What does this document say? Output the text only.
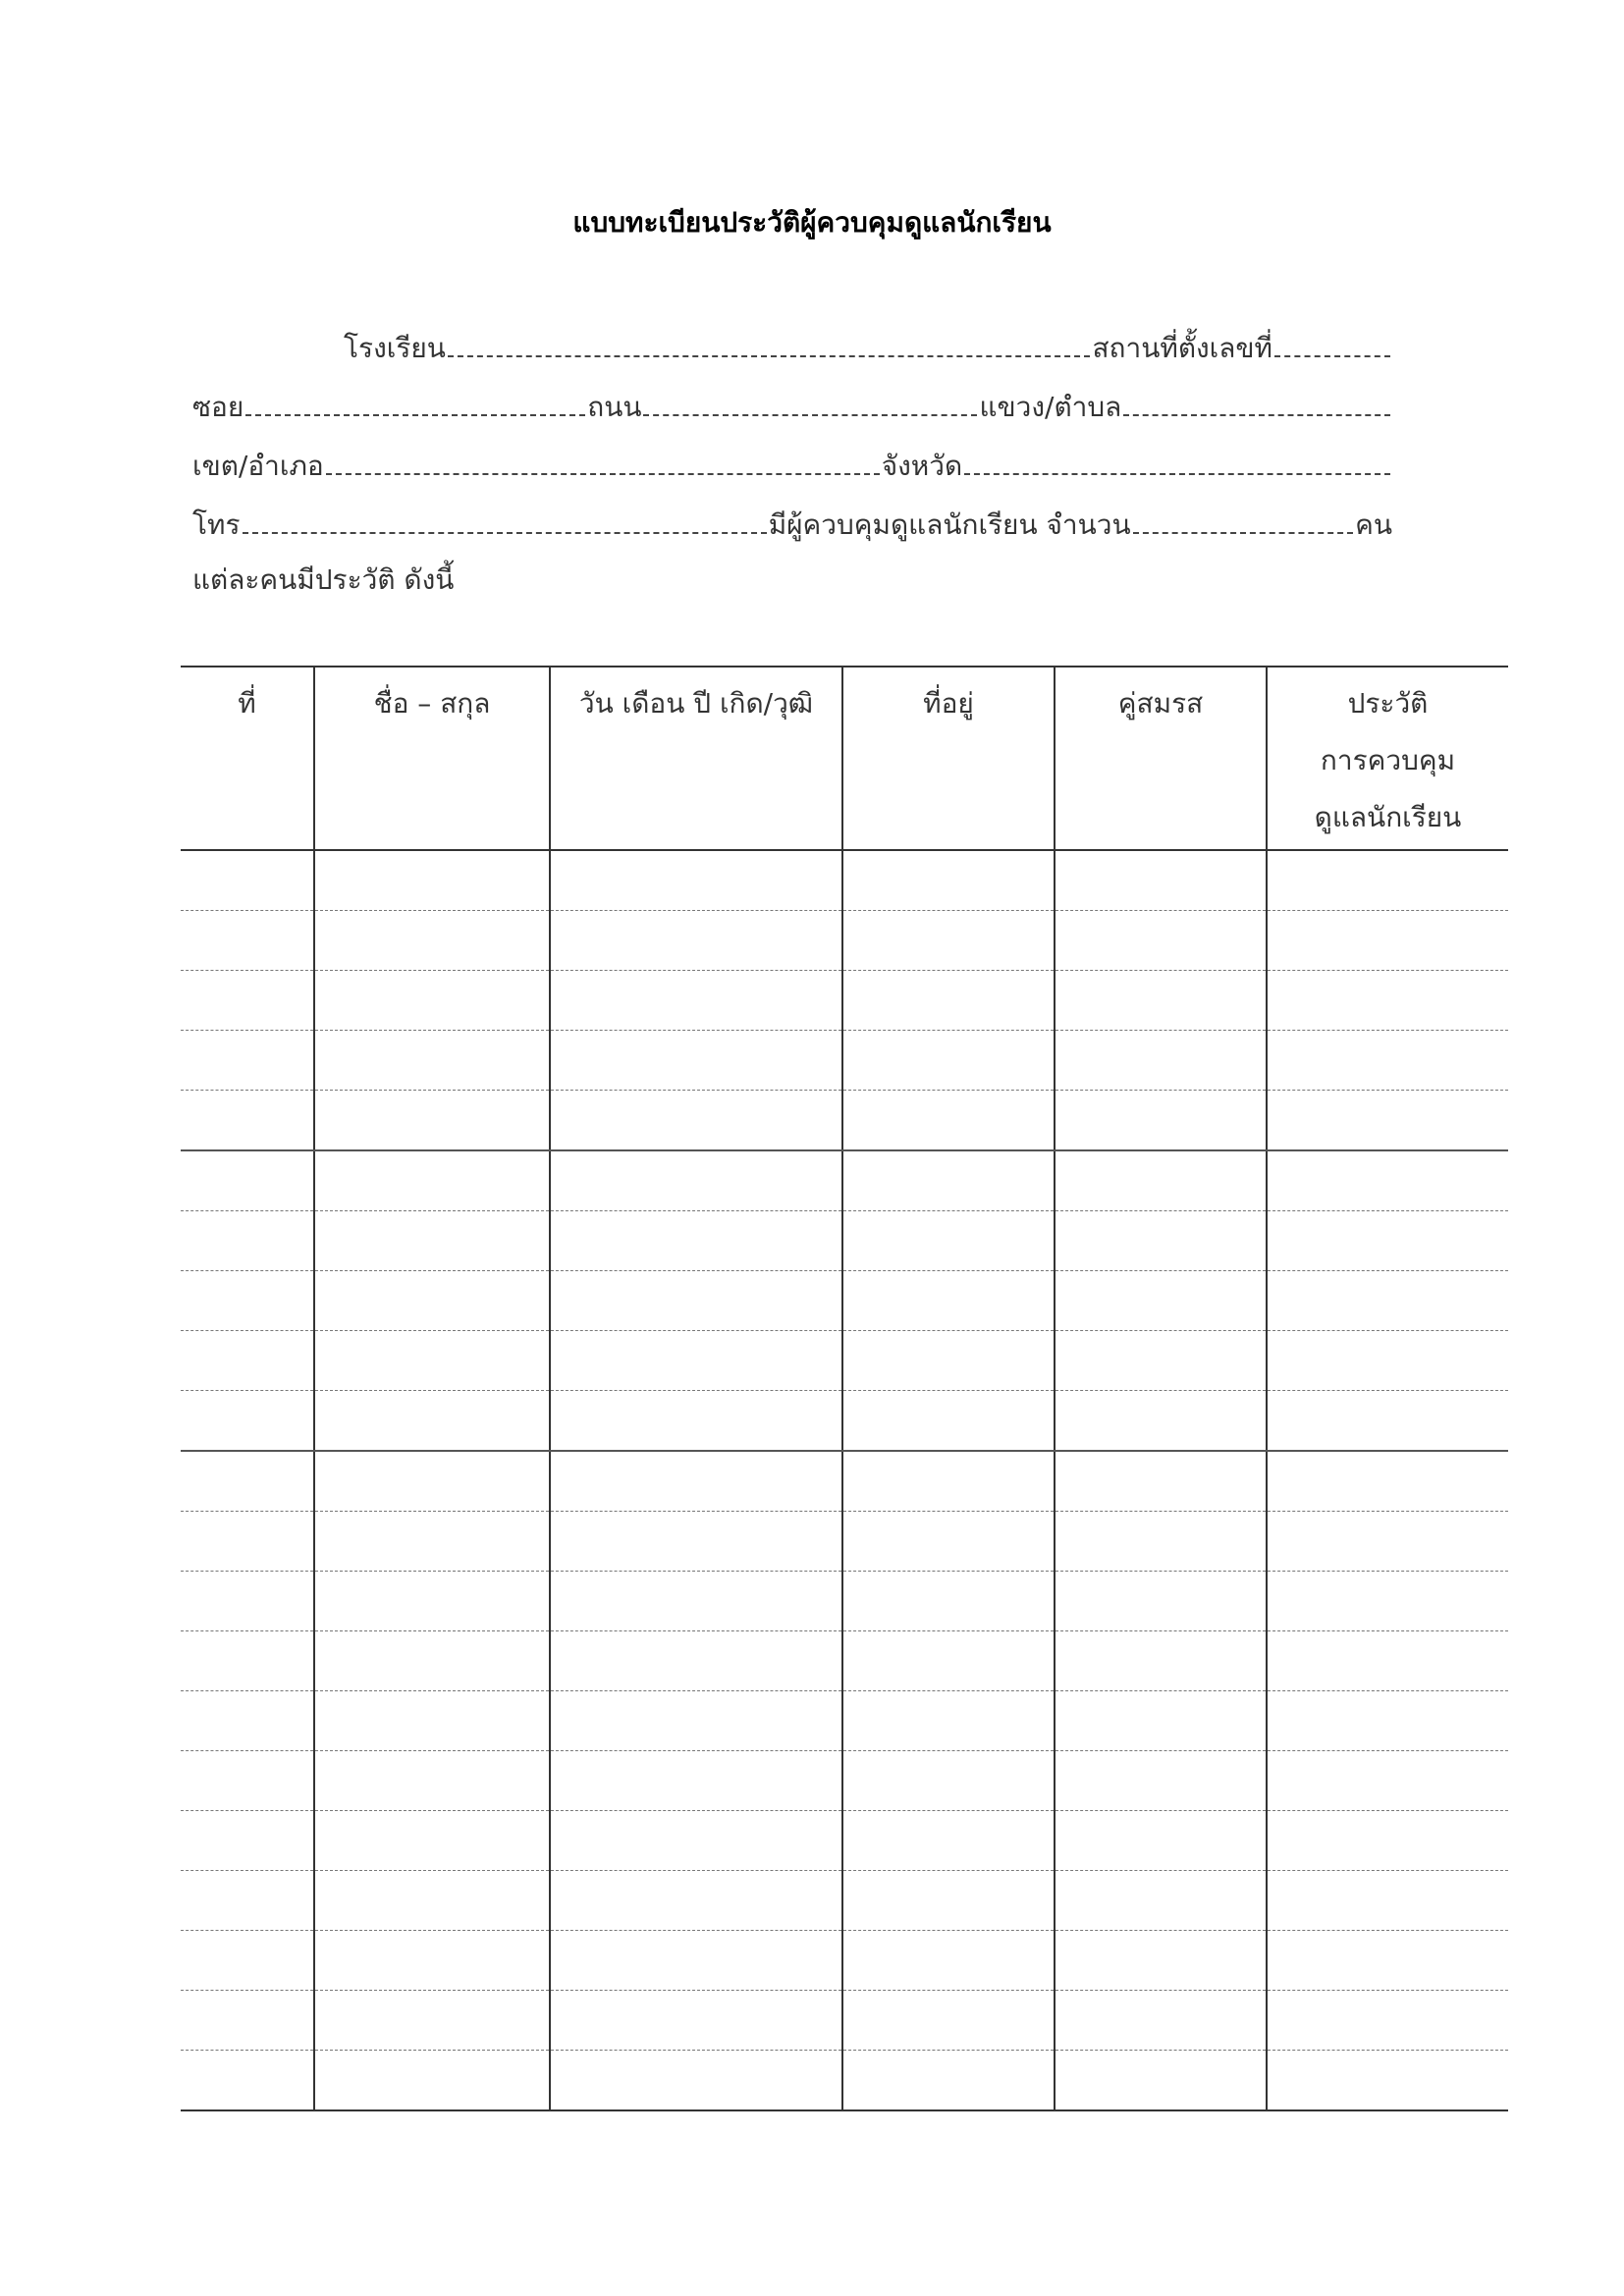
แบบทะเบียนประวัติผู้ควบคุมดูแลนักเรียน
โรงเรียน	สถานที่ตั้งเลขที่
ซอย	ถนน	แขวง/ตำบล
เขต/อำเภอ	จังหวัด
โทร	มีผู้ควบคุมดูแลนักเรียน จำนวน	คน
แต่ละคนมีประวัติ ดังนี้
ที่	ชื่อ – สกุล	วัน เดือน ปี เกิด/วุฒิ	ที่อยู่	คู่สมรส	ประวัติ
การควบคุม
ดูแลนักเรียน
